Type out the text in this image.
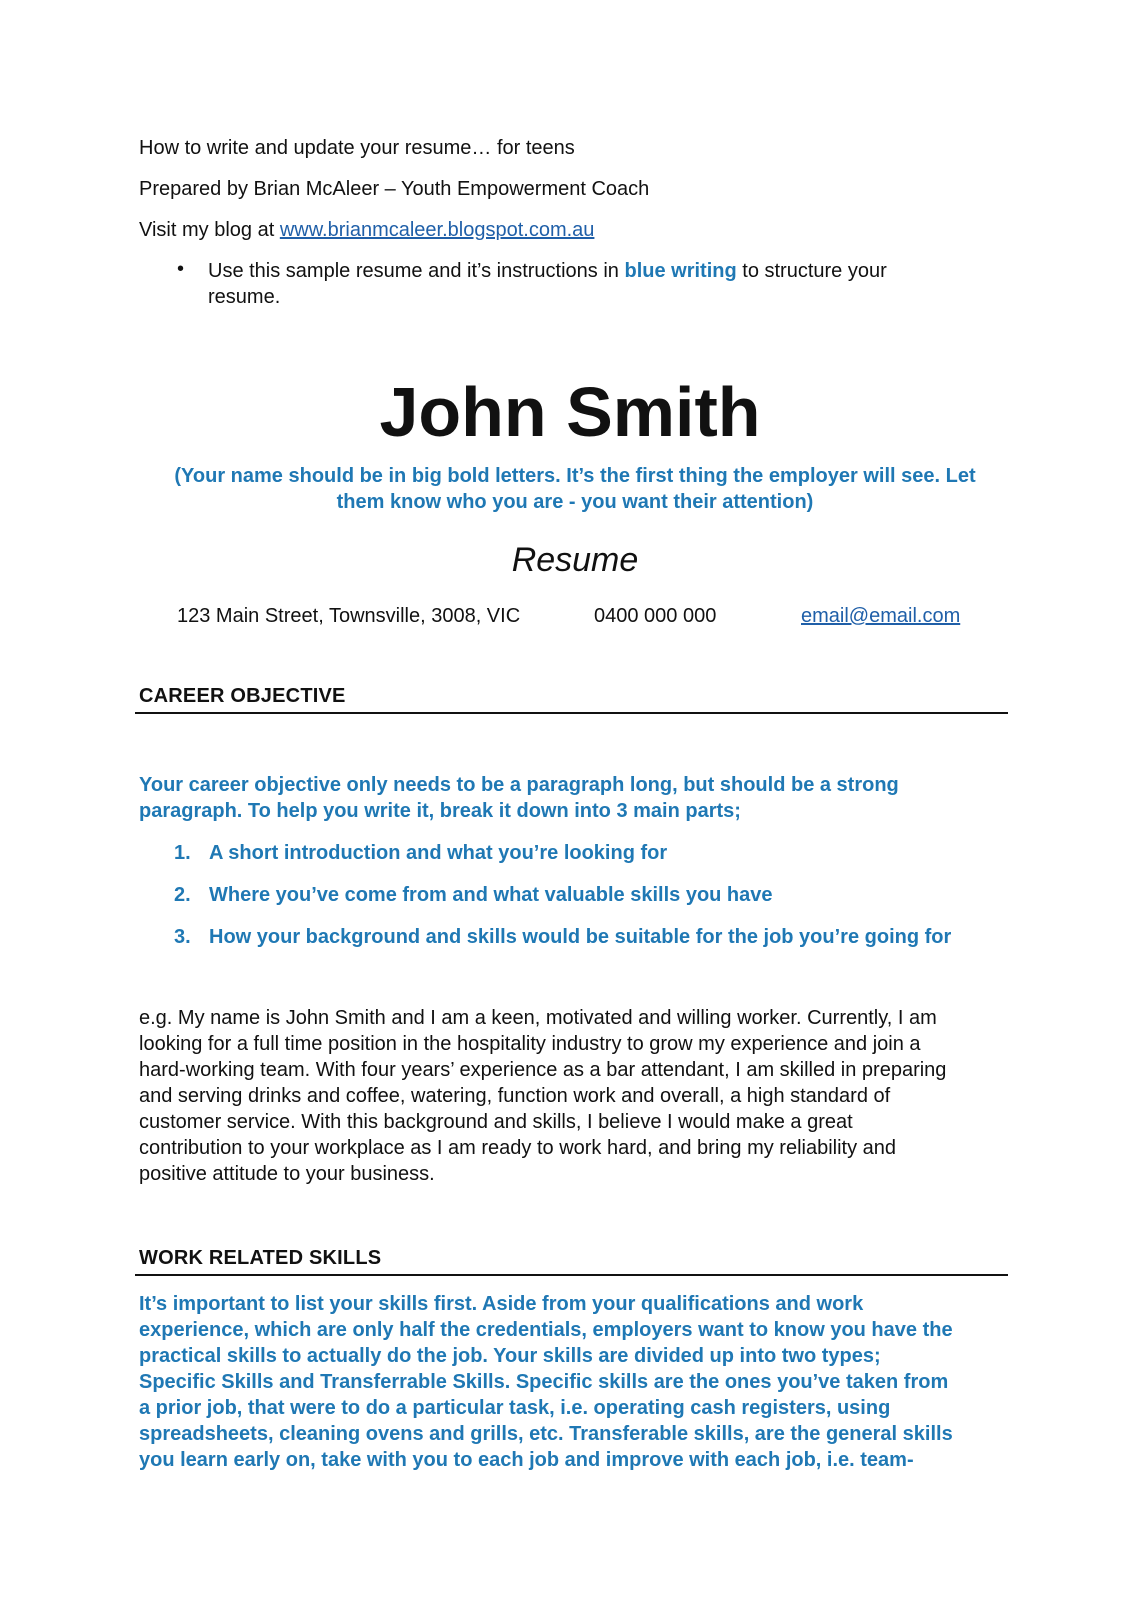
How to write and update your resume… for teens
Prepared by Brian McAleer – Youth Empowerment Coach
Visit my blog at www.brianmcaleer.blogspot.com.au
• Use this sample resume and it’s instructions in blue writing to structure your
resume.
John Smith
(Your name should be in big bold letters. It’s the first thing the employer will see. Let
them know who you are - you want their attention)
Resume
123 Main Street, Townsville, 3008, VIC	0400 000 000	email@email.com
CAREER OBJECTIVE
Your career objective only needs to be a paragraph long, but should be a strong
paragraph. To help you write it, break it down into 3 main parts;
1. A short introduction and what you’re looking for
2. Where you’ve come from and what valuable skills you have
3. How your background and skills would be suitable for the job you’re going for
e.g. My name is John Smith and I am a keen, motivated and willing worker. Currently, I am
looking for a full time position in the hospitality industry to grow my experience and join a
hard-working team. With four years’ experience as a bar attendant, I am skilled in preparing
and serving drinks and coffee, watering, function work and overall, a high standard of
customer service. With this background and skills, I believe I would make a great
contribution to your workplace as I am ready to work hard, and bring my reliability and
positive attitude to your business.
WORK RELATED SKILLS
It’s important to list your skills first. Aside from your qualifications and work
experience, which are only half the credentials, employers want to know you have the
practical skills to actually do the job. Your skills are divided up into two types;
Specific Skills and Transferrable Skills. Specific skills are the ones you’ve taken from
a prior job, that were to do a particular task, i.e. operating cash registers, using
spreadsheets, cleaning ovens and grills, etc. Transferable skills, are the general skills
you learn early on, take with you to each job and improve with each job, i.e. team-
